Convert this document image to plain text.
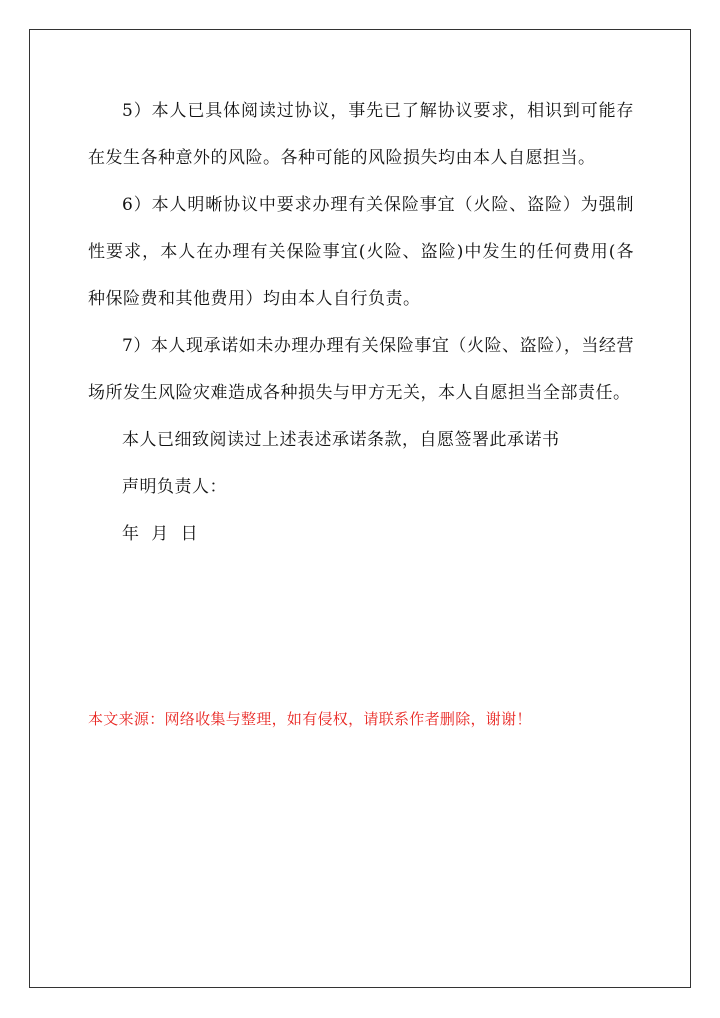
5）本人已具体阅读过协议，事先已了解协议要求，相识到可能存在发生各种意外的风险。各种可能的风险损失均由本人自愿担当。

6）本人明晰协议中要求办理有关保险事宜（火险、盗险）为强制性要求，本人在办理有关保险事宜(火险、盗险)中发生的任何费用(各种保险费和其他费用）均由本人自行负责。

7）本人现承诺如未办理办理有关保险事宜（火险、盗险），当经营场所发生风险灾难造成各种损失与甲方无关，本人自愿担当全部责任。

本人已细致阅读过上述表述承诺条款，自愿签署此承诺书

声明负责人：

年  月  日

本文来源：网络收集与整理，如有侵权，请联系作者删除，谢谢！
